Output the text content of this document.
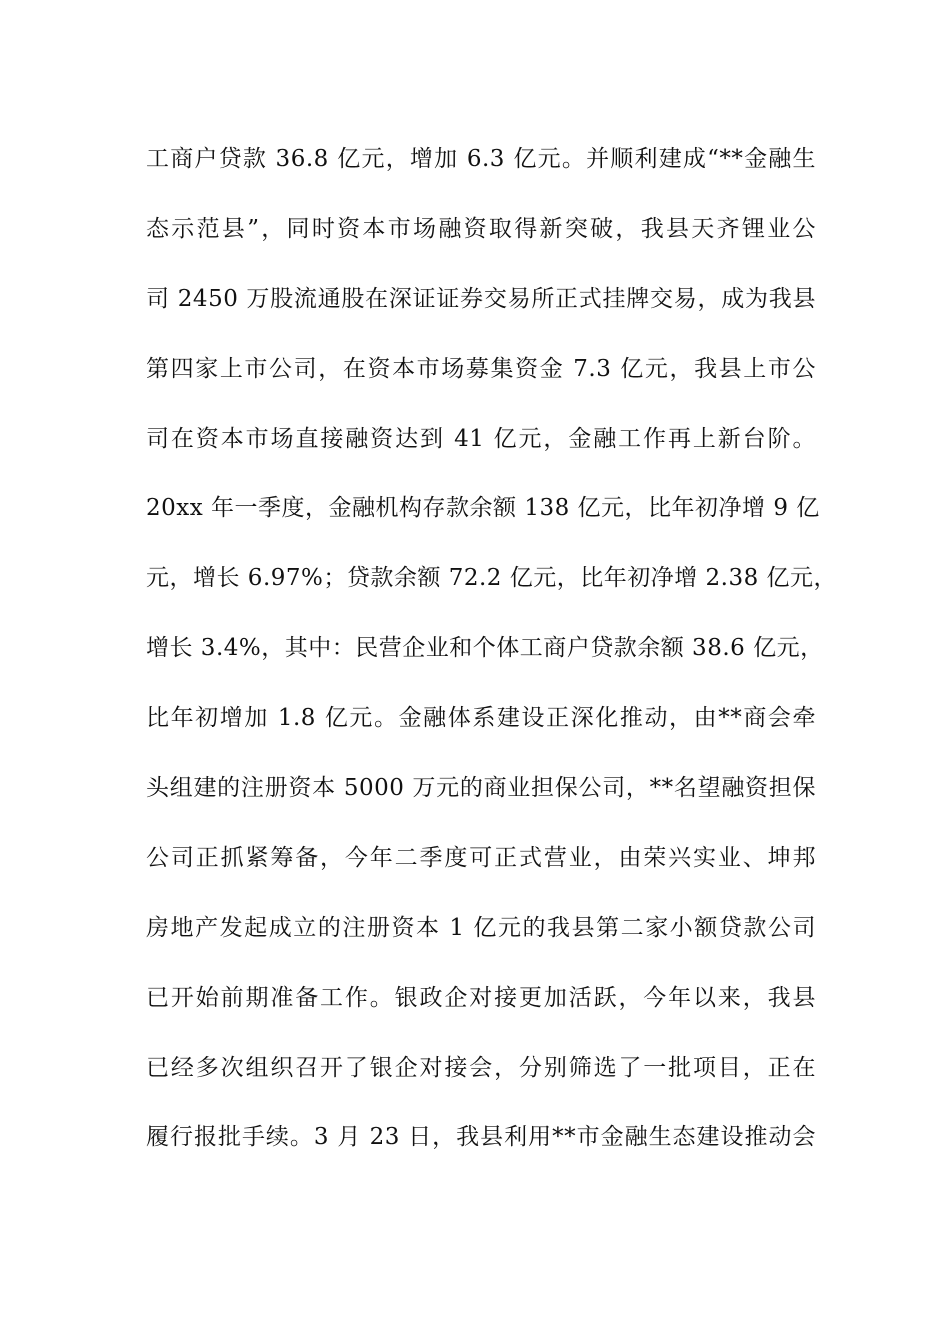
工商户贷款 36.8 亿元，增加 6.3 亿元。并顺利建成“**金融生
态示范县”，同时资本市场融资取得新突破，我县天齐锂业公
司 2450 万股流通股在深证证券交易所正式挂牌交易，成为我县
第四家上市公司，在资本市场募集资金 7.3 亿元，我县上市公
司在资本市场直接融资达到 41 亿元，金融工作再上新台阶。
20xx 年一季度，金融机构存款余额 138 亿元，比年初净增 9 亿
元，增长 6.97%；贷款余额 72.2 亿元，比年初净增 2.38 亿元，
增长 3.4%，其中：民营企业和个体工商户贷款余额 38.6 亿元，
比年初增加 1.8 亿元。金融体系建设正深化推动，由**商会牵
头组建的注册资本 5000 万元的商业担保公司，**名望融资担保
公司正抓紧筹备，今年二季度可正式营业，由荣兴实业、坤邦
房地产发起成立的注册资本 1 亿元的我县第二家小额贷款公司
已开始前期准备工作。银政企对接更加活跃，今年以来，我县
已经多次组织召开了银企对接会，分别筛选了一批项目，正在
履行报批手续。3 月 23 日，我县利用**市金融生态建设推动会
